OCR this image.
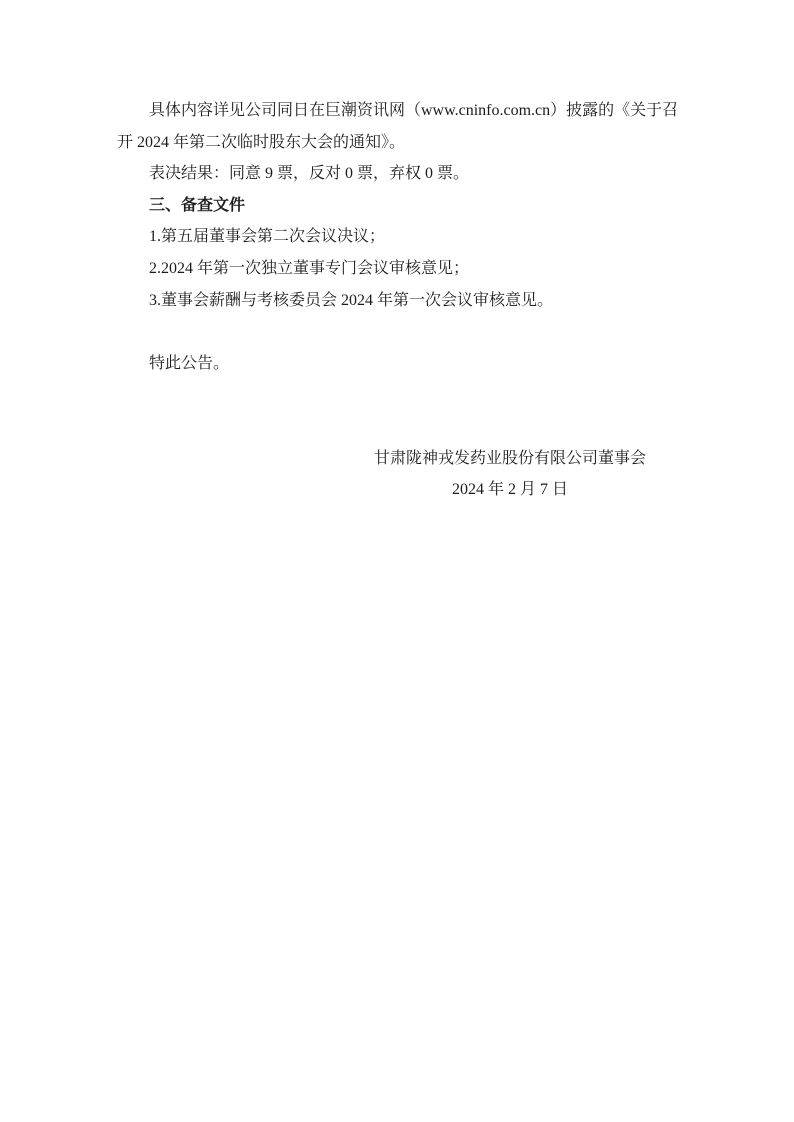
具体内容详见公司同日在巨潮资讯网（www.cninfo.com.cn）披露的《关于召开 2024 年第二次临时股东大会的通知》。

表决结果：同意 9 票，反对 0 票，弃权 0 票。

三、备查文件

1.第五届董事会第二次会议决议；

2.2024 年第一次独立董事专门会议审核意见；

3.董事会薪酬与考核委员会 2024 年第一次会议审核意见。

特此公告。

甘肃陇神戎发药业股份有限公司董事会

2024 年 2 月 7 日
